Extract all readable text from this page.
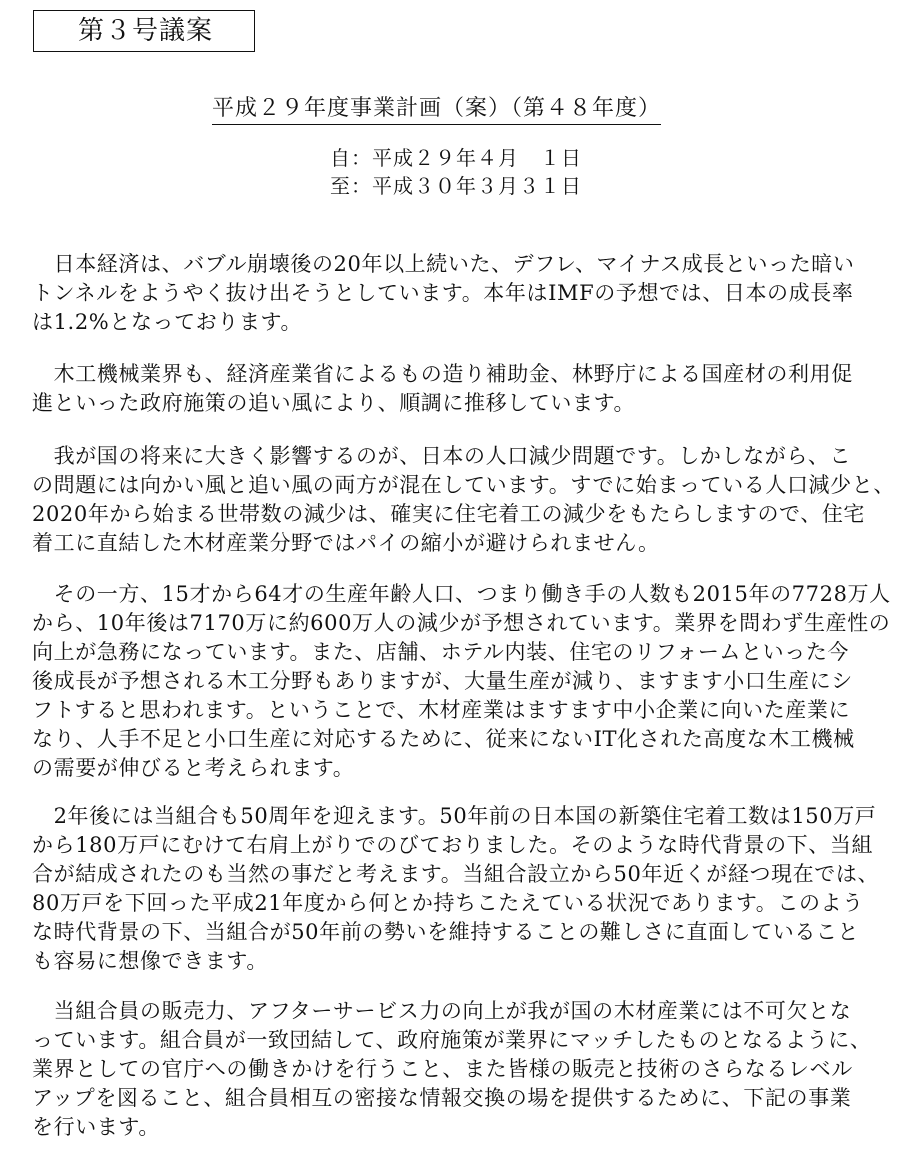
第３号議案
平成２９年度事業計画（案）（第４８年度）
自：平成２９年４月　１日
至：平成３０年３月３１日
　日本経済は、バブル崩壊後の20年以上続いた、デフレ、マイナス成長といった暗い
トンネルをようやく抜け出そうとしています。本年はIMFの予想では、日本の成長率
は1.2%となっております。
　木工機械業界も、経済産業省によるもの造り補助金、林野庁による国産材の利用促
進といった政府施策の追い風により、順調に推移しています。
　我が国の将来に大きく影響するのが、日本の人口減少問題です。しかしながら、こ
の問題には向かい風と追い風の両方が混在しています。すでに始まっている人口減少と、
2020年から始まる世帯数の減少は、確実に住宅着工の減少をもたらしますので、住宅
着工に直結した木材産業分野ではパイの縮小が避けられません。
　その一方、15才から64才の生産年齢人口、つまり働き手の人数も2015年の7728万人
から、10年後は7170万に約600万人の減少が予想されています。業界を問わず生産性の
向上が急務になっています。また、店舗、ホテル内装、住宅のリフォームといった今
後成長が予想される木工分野もありますが、大量生産が減り、ますます小口生産にシ
フトすると思われます。ということで、木材産業はますます中小企業に向いた産業に
なり、人手不足と小口生産に対応するために、従来にないIT化された高度な木工機械
の需要が伸びると考えられます。
　2年後には当組合も50周年を迎えます。50年前の日本国の新築住宅着工数は150万戸
から180万戸にむけて右肩上がりでのびておりました。そのような時代背景の下、当組
合が結成されたのも当然の事だと考えます。当組合設立から50年近くが経つ現在では、
80万戸を下回った平成21年度から何とか持ちこたえている状況であります。このよう
な時代背景の下、当組合が50年前の勢いを維持することの難しさに直面していること
も容易に想像できます。
　当組合員の販売力、アフターサービス力の向上が我が国の木材産業には不可欠とな
っています。組合員が一致団結して、政府施策が業界にマッチしたものとなるように、
業界としての官庁への働きかけを行うこと、また皆様の販売と技術のさらなるレベル
アップを図ること、組合員相互の密接な情報交換の場を提供するために、下記の事業
を行います。
